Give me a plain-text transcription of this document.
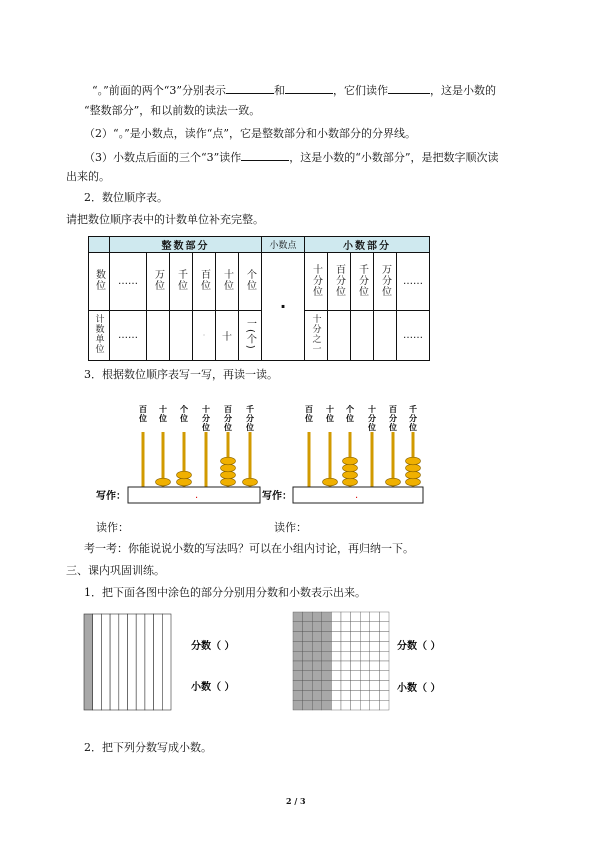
“。”前面的两个“3”分别表示	和	，它们读作	，这是小数的
“整数部分”，和以前数的读法一致。
（2）“。”是小数点，读作“点”，它是整数部分和小数部分的分界线。
（3）小数点后面的三个“3”读作	，这是小数的“小数部分”，是把数字顺次读
出来的。
2．数位顺序表。
请把数位顺序表中的计数单位补充完整。
	整数部分						小数点	小数部分				
数位	……	万位	千位	百位	十位	个位	·	十分位	百分位	千分位	万分位	……
计数单位	……			·	十	一(个)		十分之一				……
3．根据数位顺序表写一写，再读一读。
百
位
十
位
个
位
十
分
位
百
分
位
千
分
位
百
位
十
位
个
位
十
分
位
百
分
位
千
分
位
写作：	写作：
.	.
读作：	读作：
考一考：你能说说小数的写法吗？可以在小组内讨论，再归纳一下。
三、课内巩固训练。
1．把下面各图中涂色的部分分别用分数和小数表示出来。
分数（ ）
小数（ ）
分数（ ）
小数（ ）
2．把下列分数写成小数。
2 / 3
